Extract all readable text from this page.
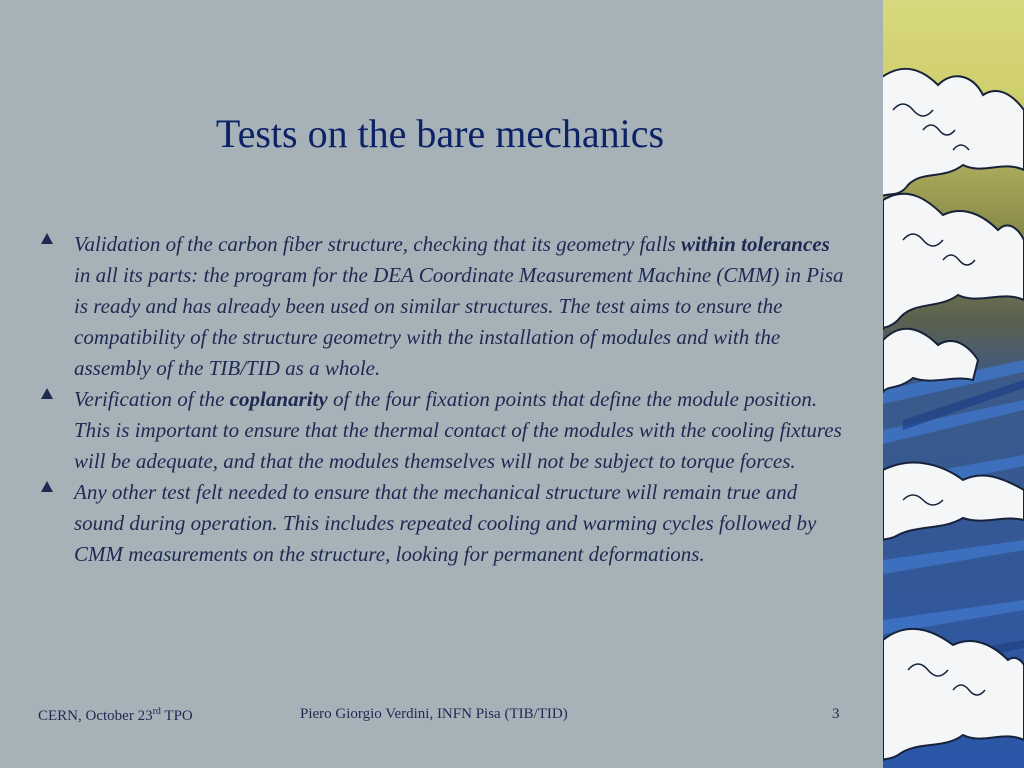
Tests on the bare mechanics
Validation of the carbon fiber structure, checking that its geometry falls within tolerances in all its parts: the program for the DEA Coordinate Measurement Machine (CMM) in Pisa is ready and has already been used on similar structures. The test aims to ensure the compatibility of the structure geometry with the installation of modules and with the assembly of the TIB/TID as a whole.
Verification of the coplanarity of the four fixation points that define the module position. This is important to ensure that the thermal contact of the modules with the cooling fixtures will be adequate, and that the modules themselves will not be subject to torque forces.
Any other test felt needed to ensure that the mechanical structure will remain true and sound during operation. This includes repeated cooling and warming cycles followed by CMM measurements on the structure, looking for permanent deformations.
CERN, October 23rd TPO	Piero Giorgio Verdini, INFN Pisa (TIB/TID)	3
